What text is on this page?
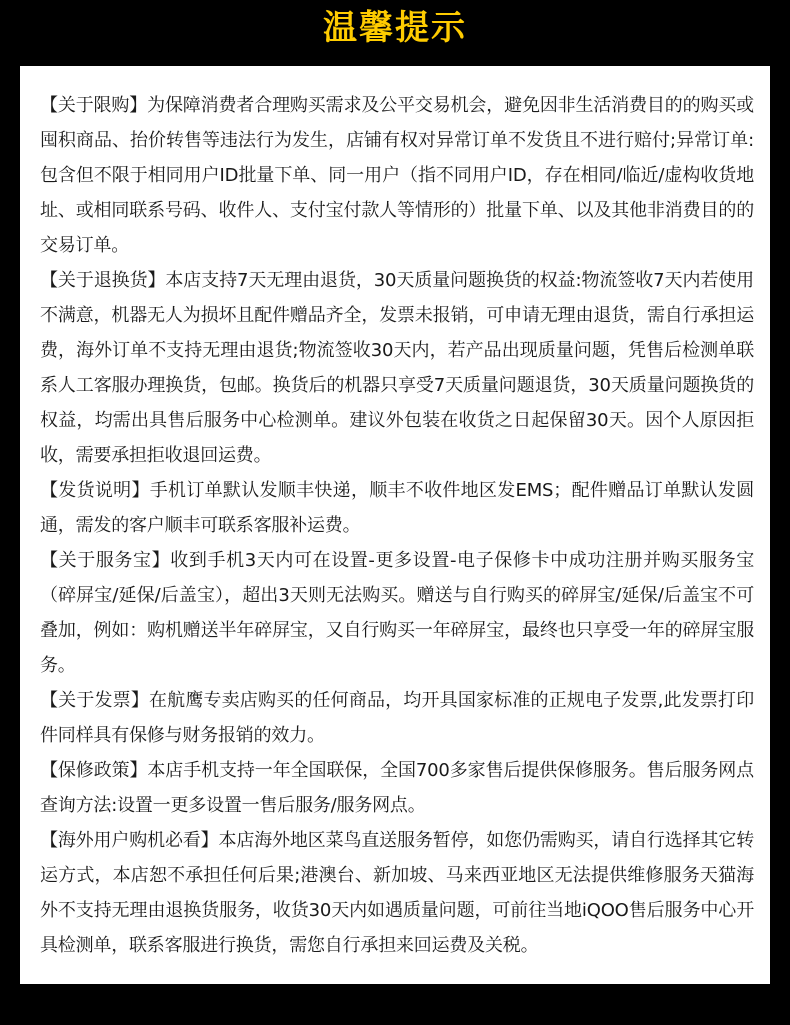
温馨提示

【关于限购】为保障消费者合理购买需求及公平交易机会，避免因非生活消费目的的购买或囤积商品、抬价转售等违法行为发生，店铺有权对异常订单不发货且不进行赔付;异常订单:包含但不限于相同用户ID批量下单、同一用户（指不同用户ID，存在相同/临近/虚构收货地址、或相同联系号码、收件人、支付宝付款人等情形的）批量下单、以及其他非消费目的的交易订单。

【关于退换货】本店支持7天无理由退货，30天质量问题换货的权益:物流签收7天内若使用不满意，机器无人为损坏且配件赠品齐全，发票未报销，可申请无理由退货，需自行承担运费，海外订单不支持无理由退货;物流签收30天内，若产品出现质量问题，凭售后检测单联系人工客服办理换货，包邮。换货后的机器只享受7天质量问题退货，30天质量问题换货的权益，均需出具售后服务中心检测单。建议外包装在收货之日起保留30天。因个人原因拒收，需要承担拒收退回运费。

【发货说明】手机订单默认发顺丰快递，顺丰不收件地区发EMS；配件赠品订单默认发圆通，需发的客户顺丰可联系客服补运费。

【关于服务宝】收到手机3天内可在设置-更多设置-电子保修卡中成功注册并购买服务宝（碎屏宝/延保/后盖宝），超出3天则无法购买。赠送与自行购买的碎屏宝/延保/后盖宝不可叠加，例如：购机赠送半年碎屏宝，又自行购买一年碎屏宝，最终也只享受一年的碎屏宝服务。

【关于发票】在航鹰专卖店购买的任何商品，均开具国家标准的正规电子发票,此发票打印件同样具有保修与财务报销的效力。

【保修政策】本店手机支持一年全国联保，全国700多家售后提供保修服务。售后服务网点查询方法:设置一更多设置一售后服务/服务网点。

【海外用户购机必看】本店海外地区菜鸟直送服务暂停，如您仍需购买，请自行选择其它转运方式，本店恕不承担任何后果;港澳台、新加坡、马来西亚地区无法提供维修服务天猫海外不支持无理由退换货服务，收货30天内如遇质量问题，可前往当地iQOO售后服务中心开具检测单，联系客服进行换货，需您自行承担来回运费及关税。
